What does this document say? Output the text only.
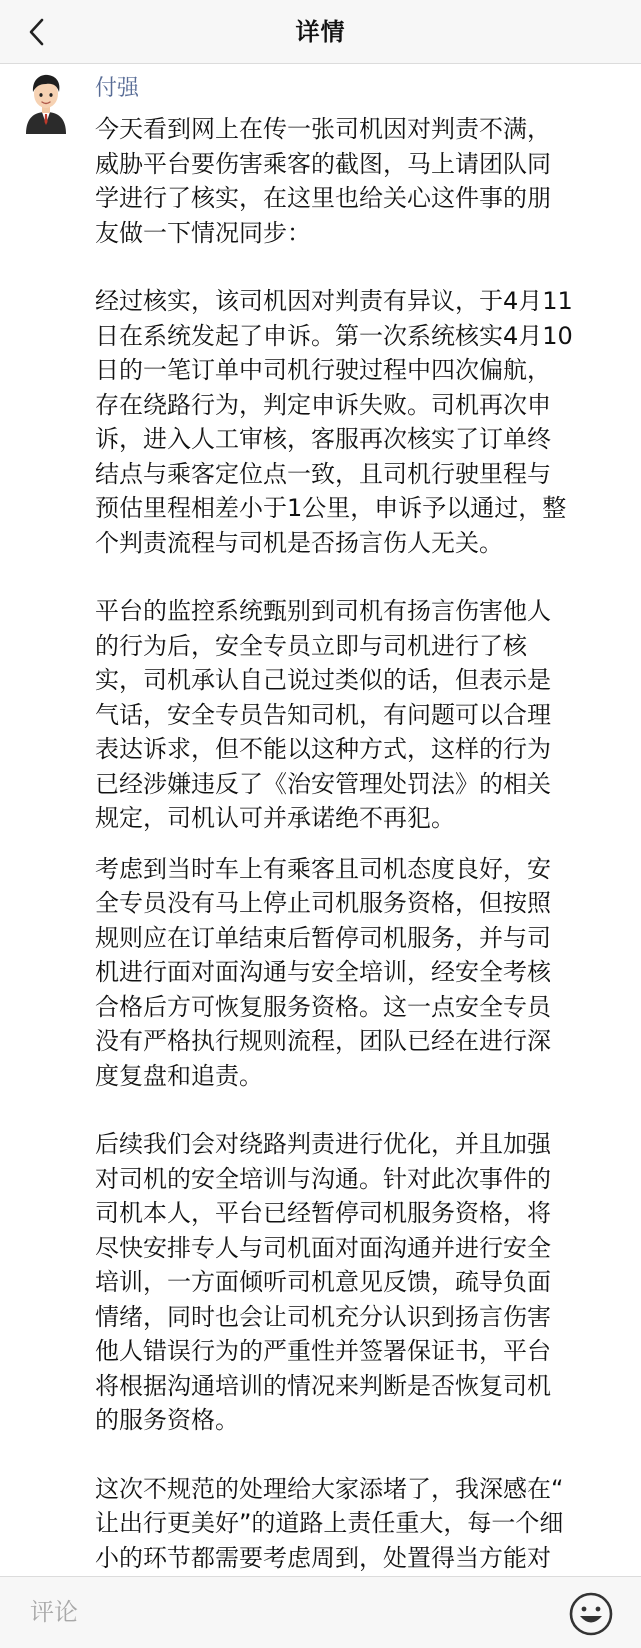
详情
付强

今天看到网上在传一张司机因对判责不满，
威胁平台要伤害乘客的截图，马上请团队同
学进行了核实，在这里也给关心这件事的朋
友做一下情况同步：

经过核实，该司机因对判责有异议，于4月11
日在系统发起了申诉。第一次系统核实4月10
日的一笔订单中司机行驶过程中四次偏航，
存在绕路行为，判定申诉失败。司机再次申
诉，进入人工审核，客服再次核实了订单终
结点与乘客定位点一致，且司机行驶里程与
预估里程相差小于1公里，申诉予以通过，整
个判责流程与司机是否扬言伤人无关。

平台的监控系统甄别到司机有扬言伤害他人
的行为后，安全专员立即与司机进行了核
实，司机承认自己说过类似的话，但表示是
气话，安全专员告知司机，有问题可以合理
表达诉求，但不能以这种方式，这样的行为
已经涉嫌违反了《治安管理处罚法》的相关
规定，司机认可并承诺绝不再犯。

考虑到当时车上有乘客且司机态度良好，安
全专员没有马上停止司机服务资格，但按照
规则应在订单结束后暂停司机服务，并与司
机进行面对面沟通与安全培训，经安全考核
合格后方可恢复服务资格。这一点安全专员
没有严格执行规则流程，团队已经在进行深
度复盘和追责。

后续我们会对绕路判责进行优化，并且加强
对司机的安全培训与沟通。针对此次事件的
司机本人，平台已经暂停司机服务资格，将
尽快安排专人与司机面对面沟通并进行安全
培训，一方面倾听司机意见反馈，疏导负面
情绪，同时也会让司机充分认识到扬言伤害
他人错误行为的严重性并签署保证书，平台
将根据沟通培训的情况来判断是否恢复司机
的服务资格。

这次不规范的处理给大家添堵了，我深感在“
让出行更美好”的道路上责任重大，每一个细
小的环节都需要考虑周到，处置得当方能对

评论
